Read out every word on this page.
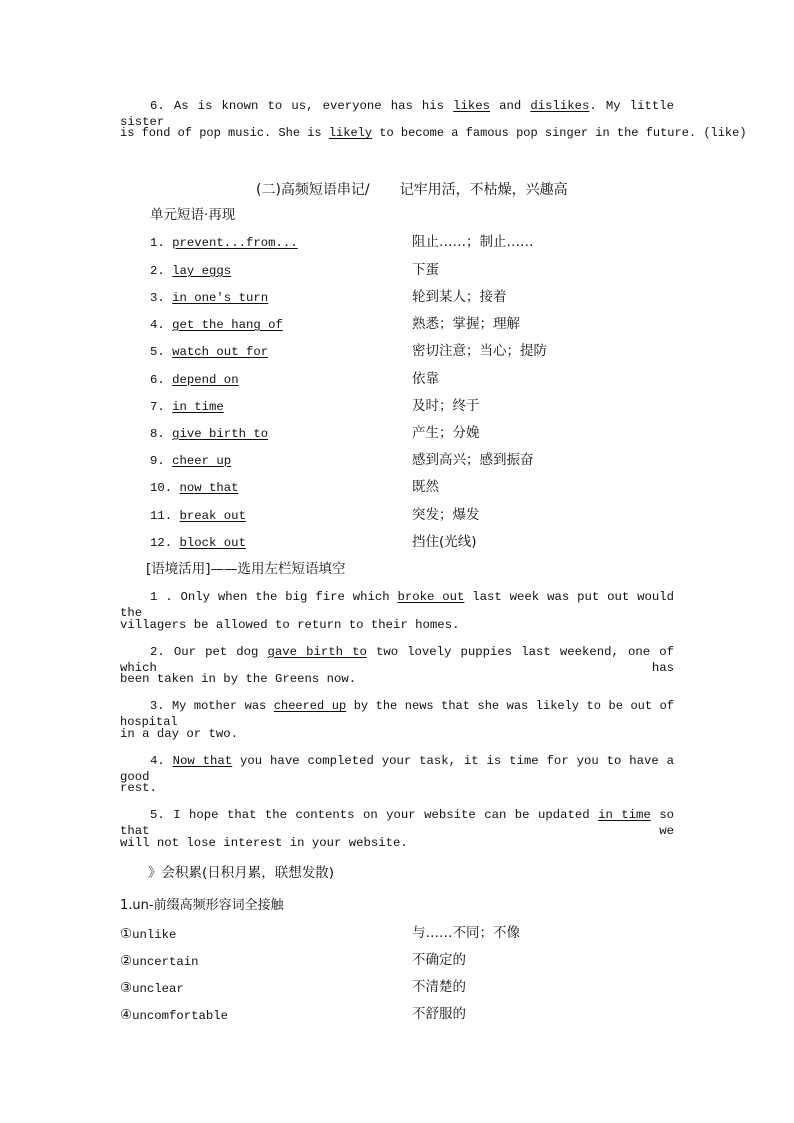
6. As is known to us, everyone has his likes and dislikes. My little sister
is fond of pop music. She is likely to become a famous pop singer in the future. (like)
(二)高频短语串记/ 记牢用活，不枯燥，兴趣高
单元短语·再现
1. prevent...from...	阻止……；制止……
2. lay eggs	下蛋
3. in one's turn	轮到某人；接着
4. get the hang of	熟悉；掌握；理解
5. watch out for	密切注意；当心；提防
6. depend on	依靠
7. in time	及时；终于
8. give birth to	产生；分娩
9. cheer up	感到高兴；感到振奋
10. now that	既然
11. break out	突发；爆发
12. block out	挡住(光线)
[语境活用]——选用左栏短语填空
1 . Only when the big fire which broke out last week was put out would the
villagers be allowed to return to their homes.
2. Our pet dog gave birth to two lovely puppies last weekend, one of which has
been taken in by the Greens now.
3. My mother was cheered up by the news that she was likely to be out of hospital
in a day or two.
4. Now that you have completed your task, it is time for you to have a good
rest.
5. I hope that the contents on your website can be updated in time so that we
will not lose interest in your website.
》会积累(日积月累，联想发散)
1.un-前缀高频形容词全接触
①unlike	与……不同；不像
②uncertain	不确定的
③unclear	不清楚的
④uncomfortable	不舒服的
